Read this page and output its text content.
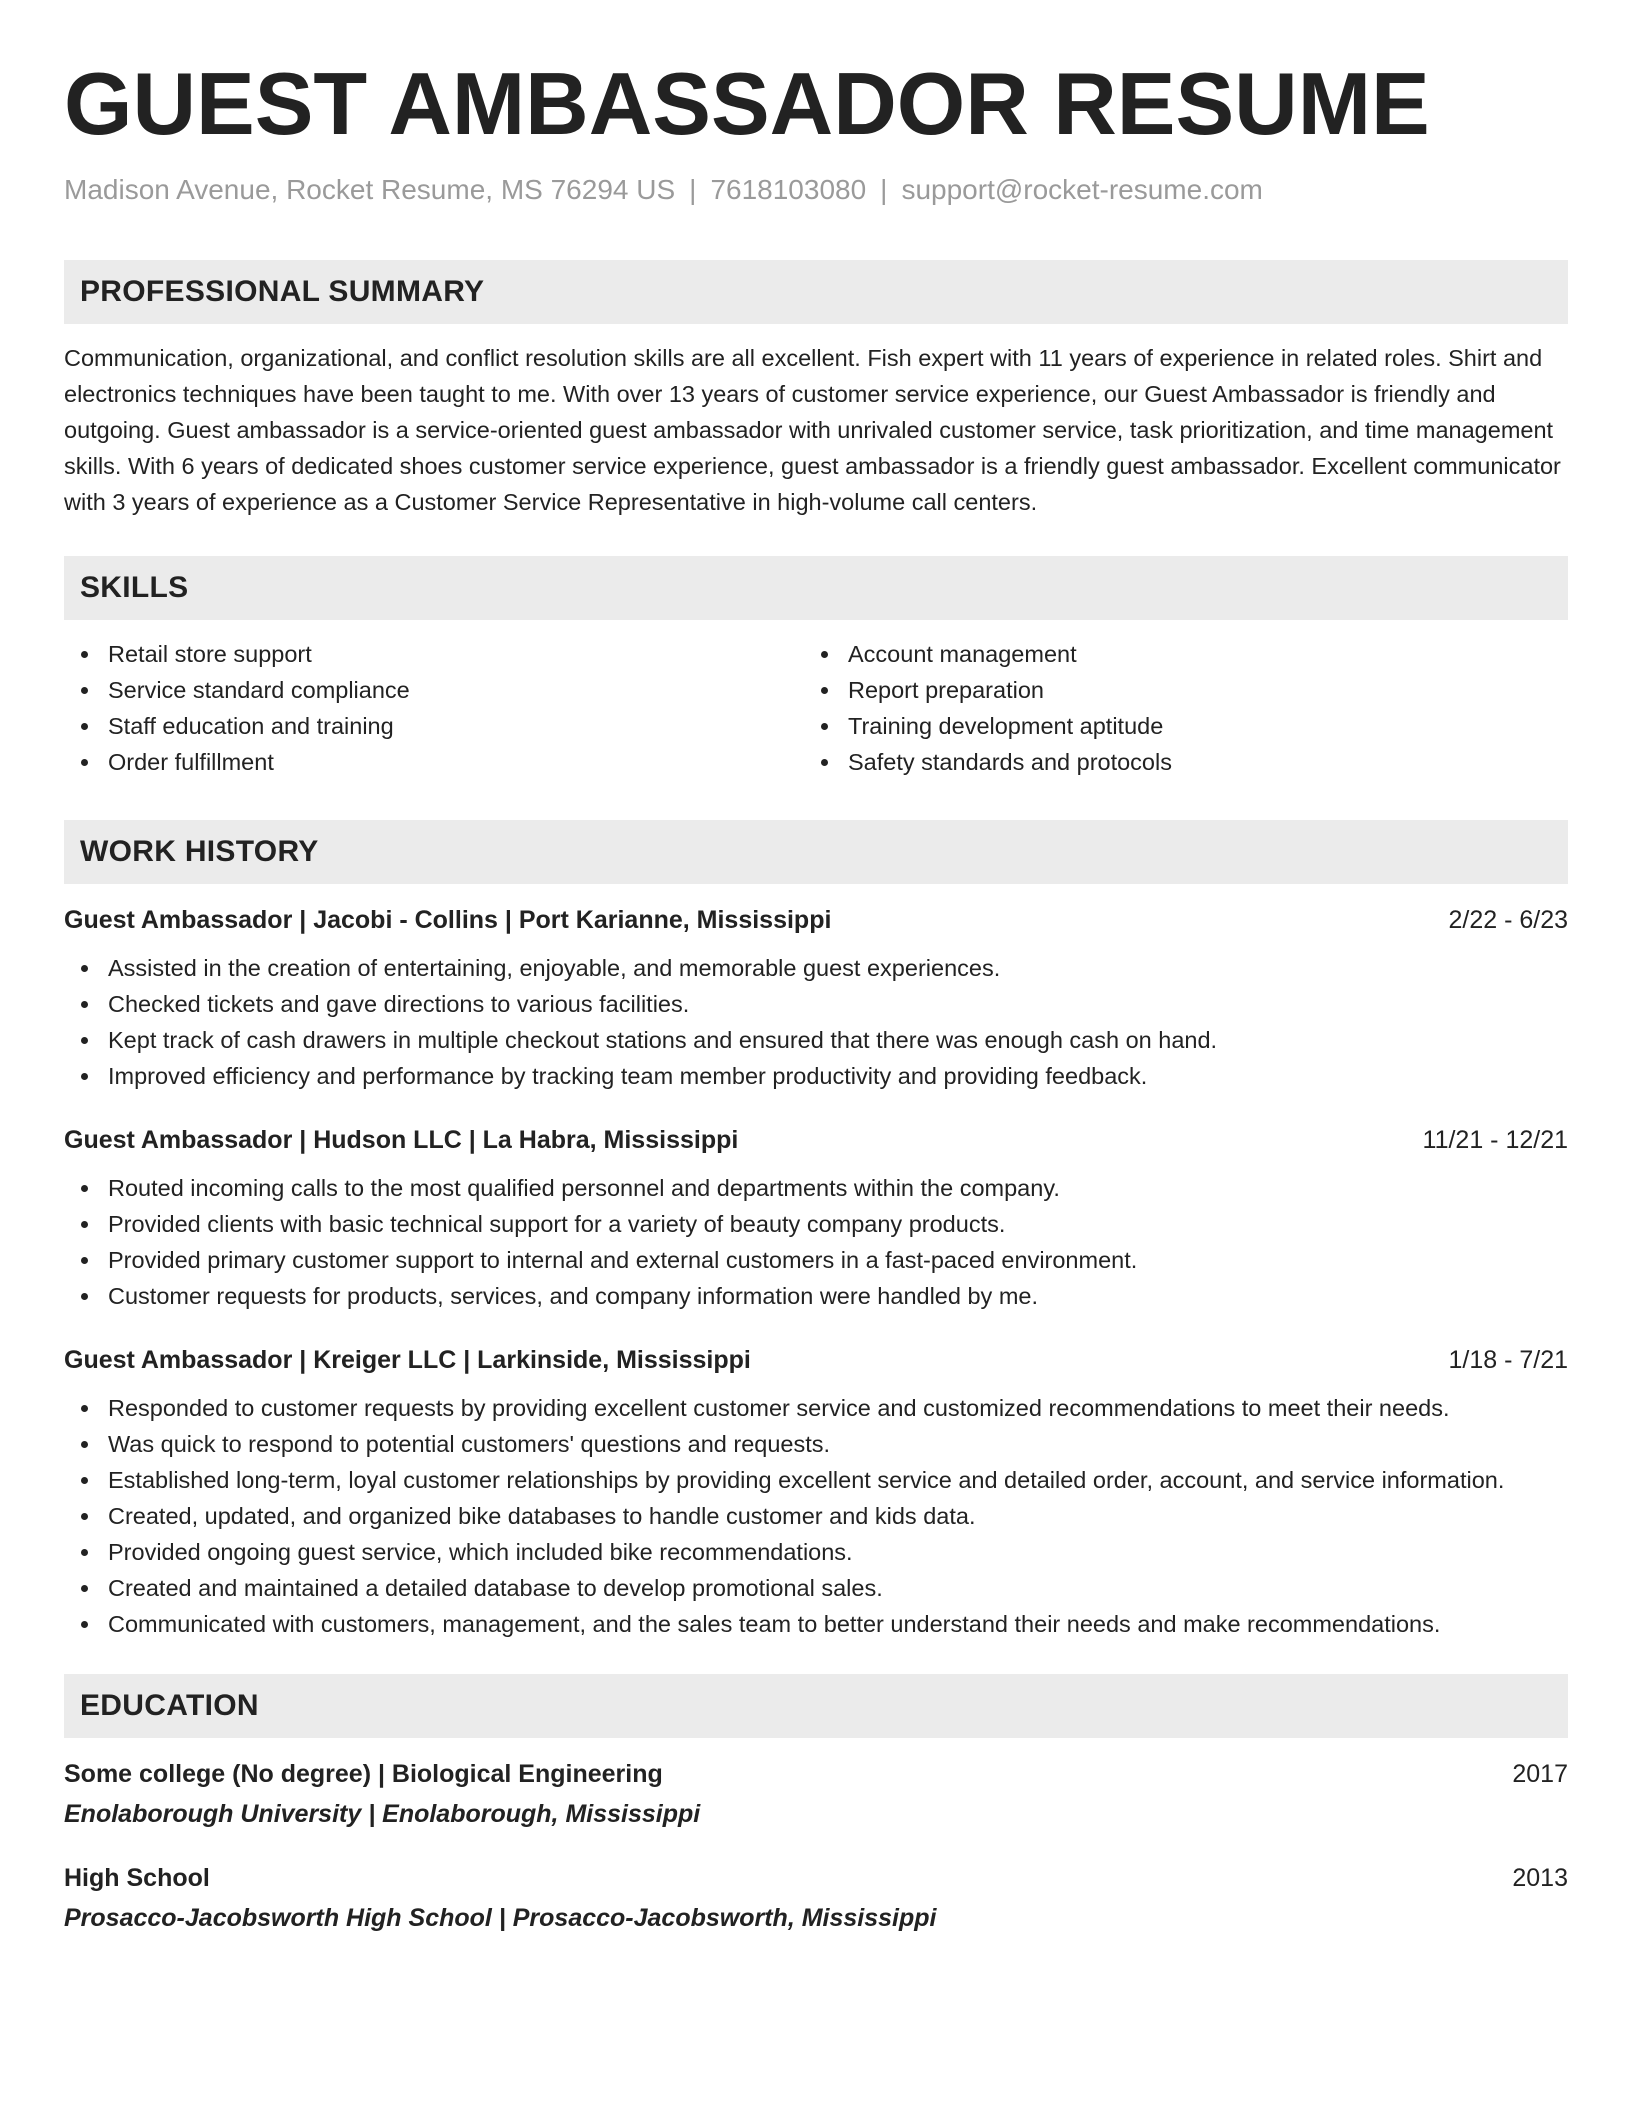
GUEST AMBASSADOR RESUME
Madison Avenue, Rocket Resume, MS 76294 US | 7618103080 | support@rocket-resume.com
PROFESSIONAL SUMMARY
Communication, organizational, and conflict resolution skills are all excellent. Fish expert with 11 years of experience in related roles. Shirt and electronics techniques have been taught to me. With over 13 years of customer service experience, our Guest Ambassador is friendly and outgoing. Guest ambassador is a service-oriented guest ambassador with unrivaled customer service, task prioritization, and time management skills. With 6 years of dedicated shoes customer service experience, guest ambassador is a friendly guest ambassador. Excellent communicator with 3 years of experience as a Customer Service Representative in high-volume call centers.
SKILLS
Retail store support
Service standard compliance
Staff education and training
Order fulfillment
Account management
Report preparation
Training development aptitude
Safety standards and protocols
WORK HISTORY
Guest Ambassador | Jacobi - Collins | Port Karianne, Mississippi	2/22 - 6/23
Assisted in the creation of entertaining, enjoyable, and memorable guest experiences.
Checked tickets and gave directions to various facilities.
Kept track of cash drawers in multiple checkout stations and ensured that there was enough cash on hand.
Improved efficiency and performance by tracking team member productivity and providing feedback.
Guest Ambassador | Hudson LLC | La Habra, Mississippi	11/21 - 12/21
Routed incoming calls to the most qualified personnel and departments within the company.
Provided clients with basic technical support for a variety of beauty company products.
Provided primary customer support to internal and external customers in a fast-paced environment.
Customer requests for products, services, and company information were handled by me.
Guest Ambassador | Kreiger LLC | Larkinside, Mississippi	1/18 - 7/21
Responded to customer requests by providing excellent customer service and customized recommendations to meet their needs.
Was quick to respond to potential customers' questions and requests.
Established long-term, loyal customer relationships by providing excellent service and detailed order, account, and service information.
Created, updated, and organized bike databases to handle customer and kids data.
Provided ongoing guest service, which included bike recommendations.
Created and maintained a detailed database to develop promotional sales.
Communicated with customers, management, and the sales team to better understand their needs and make recommendations.
EDUCATION
Some college (No degree) | Biological Engineering	2017
Enolaborough University | Enolaborough, Mississippi
High School	2013
Prosacco-Jacobsworth High School | Prosacco-Jacobsworth, Mississippi
